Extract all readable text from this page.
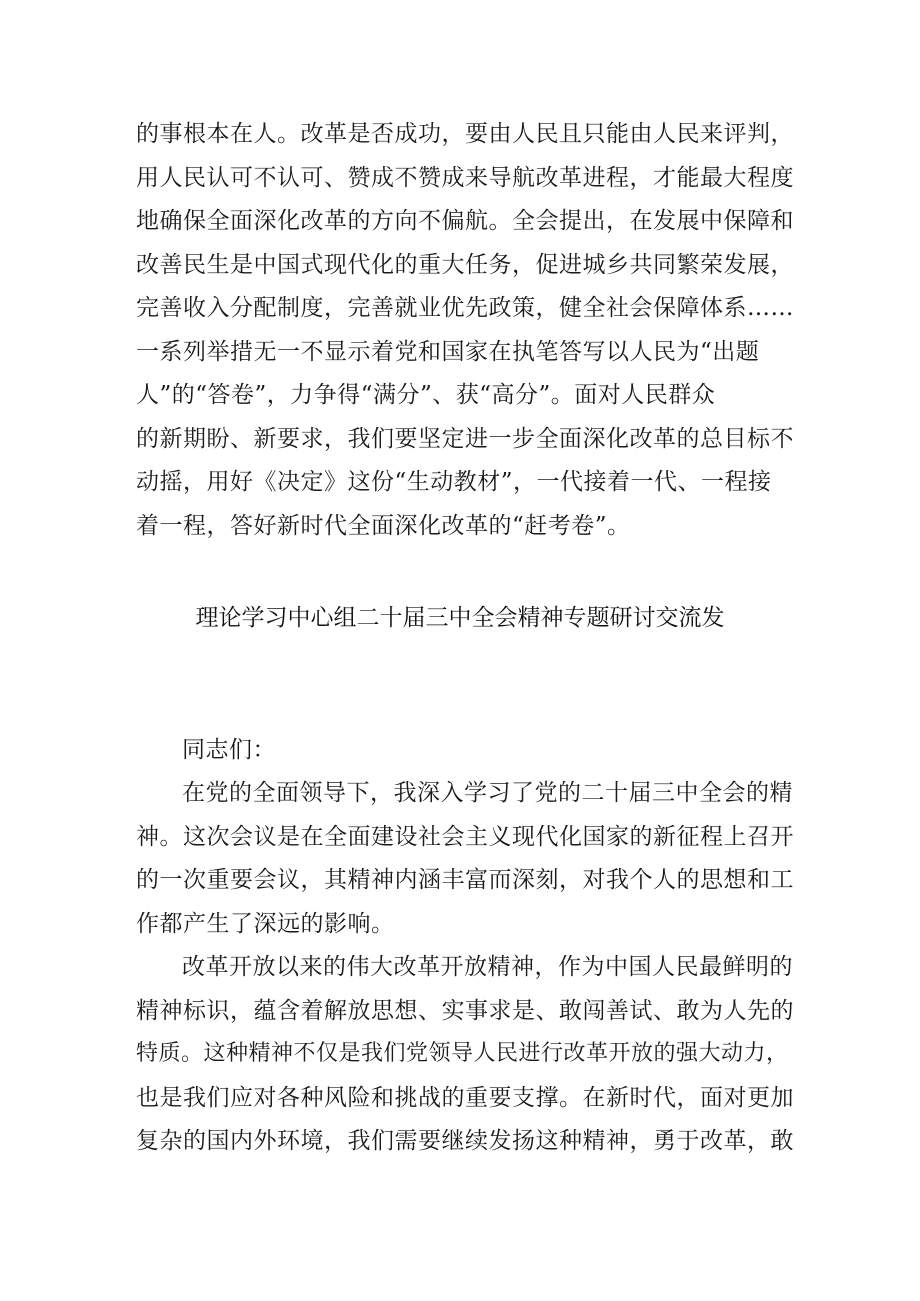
的事根本在人。改革是否成功，要由人民且只能由人民来评判，
用人民认可不认可、赞成不赞成来导航改革进程，才能最大程度
地确保全面深化改革的方向不偏航。全会提出，在发展中保障和
改善民生是中国式现代化的重大任务，促进城乡共同繁荣发展，
完善收入分配制度，完善就业优先政策，健全社会保障体系……
一系列举措无一不显示着党和国家在执笔答写以人民为“出题
人”的“答卷”，力争得“满分”、获“高分”。面对人民群众
的新期盼、新要求，我们要坚定进一步全面深化改革的总目标不
动摇，用好《决定》这份“生动教材”，一代接着一代、一程接
着一程，答好新时代全面深化改革的“赶考卷”。
理论学习中心组二十届三中全会精神专题研讨交流发
同志们：
在党的全面领导下，我深入学习了党的二十届三中全会的精
神。这次会议是在全面建设社会主义现代化国家的新征程上召开
的一次重要会议，其精神内涵丰富而深刻，对我个人的思想和工
作都产生了深远的影响。
改革开放以来的伟大改革开放精神，作为中国人民最鲜明的
精神标识，蕴含着解放思想、实事求是、敢闯善试、敢为人先的
特质。这种精神不仅是我们党领导人民进行改革开放的强大动力，
也是我们应对各种风险和挑战的重要支撑。在新时代，面对更加
复杂的国内外环境，我们需要继续发扬这种精神，勇于改革，敢
